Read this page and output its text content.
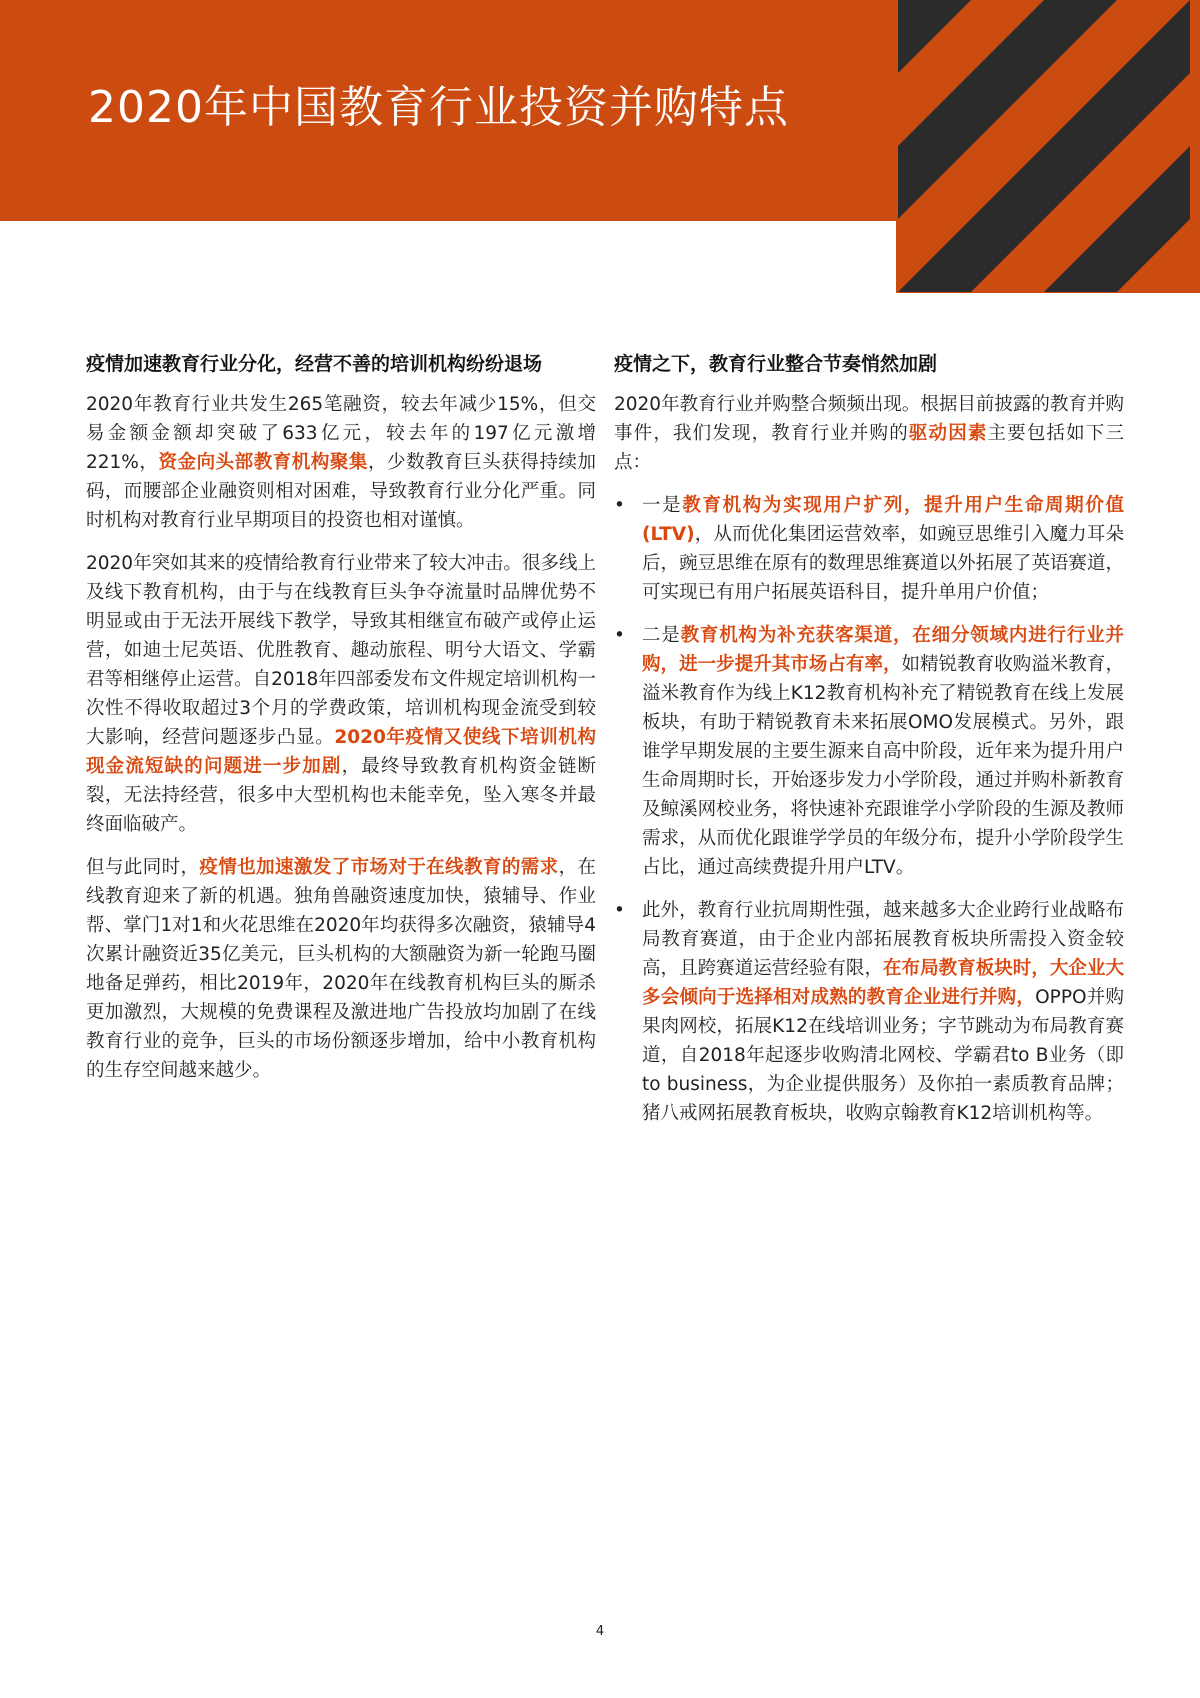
2020年中国教育行业投资并购特点
疫情加速教育行业分化，经营不善的培训机构纷纷退场

2020年教育行业共发生265笔融资，较去年减少15%，但交易金额金额却突破了633亿元，较去年的197亿元激增221%，资金向头部教育机构聚集，少数教育巨头获得持续加码，而腰部企业融资则相对困难，导致教育行业分化严重。同时机构对教育行业早期项目的投资也相对谨慎。

2020年突如其来的疫情给教育行业带来了较大冲击。很多线上及线下教育机构，由于与在线教育巨头争夺流量时品牌优势不明显或由于无法开展线下教学，导致其相继宣布破产或停止运营，如迪士尼英语、优胜教育、趣动旅程、明兮大语文、学霸君等相继停止运营。自2018年四部委发布文件规定培训机构一次性不得收取超过3个月的学费政策，培训机构现金流受到较大影响，经营问题逐步凸显。2020年疫情又使线下培训机构现金流短缺的问题进一步加剧，最终导致教育机构资金链断裂，无法持经营，很多中大型机构也未能幸免，坠入寒冬并最终面临破产。

但与此同时，疫情也加速激发了市场对于在线教育的需求，在线教育迎来了新的机遇。独角兽融资速度加快，猿辅导、作业帮、掌门1对1和火花思维在2020年均获得多次融资，猿辅导4次累计融资近35亿美元，巨头机构的大额融资为新一轮跑马圈地备足弹药，相比2019年，2020年在线教育机构巨头的厮杀更加激烈，大规模的免费课程及激进地广告投放均加剧了在线教育行业的竞争，巨头的市场份额逐步增加，给中小教育机构的生存空间越来越少。

疫情之下，教育行业整合节奏悄然加剧

2020年教育行业并购整合频频出现。根据目前披露的教育并购事件，我们发现，教育行业并购的驱动因素主要包括如下三点：

• 一是教育机构为实现用户扩列，提升用户生命周期价值(LTV)，从而优化集团运营效率，如豌豆思维引入魔力耳朵后，豌豆思维在原有的数理思维赛道以外拓展了英语赛道，可实现已有用户拓展英语科目，提升单用户价值；
• 二是教育机构为补充获客渠道，在细分领域内进行行业并购，进一步提升其市场占有率，如精锐教育收购溢米教育，溢米教育作为线上K12教育机构补充了精锐教育在线上发展板块，有助于精锐教育未来拓展OMO发展模式。另外，跟谁学早期发展的主要生源来自高中阶段，近年来为提升用户生命周期时长，开始逐步发力小学阶段，通过并购朴新教育及鲸溪网校业务，将快速补充跟谁学小学阶段的生源及教师需求，从而优化跟谁学学员的年级分布，提升小学阶段学生占比，通过高续费提升用户LTV。
• 此外，教育行业抗周期性强，越来越多大企业跨行业战略布局教育赛道，由于企业内部拓展教育板块所需投入资金较高，且跨赛道运营经验有限，在布局教育板块时，大企业大多会倾向于选择相对成熟的教育企业进行并购，OPPO并购果肉网校，拓展K12在线培训业务；字节跳动为布局教育赛道，自2018年起逐步收购清北网校、学霸君to B业务（即to business，为企业提供服务）及你拍一素质教育品牌；猪八戒网拓展教育板块，收购京翰教育K12培训机构等。
4
